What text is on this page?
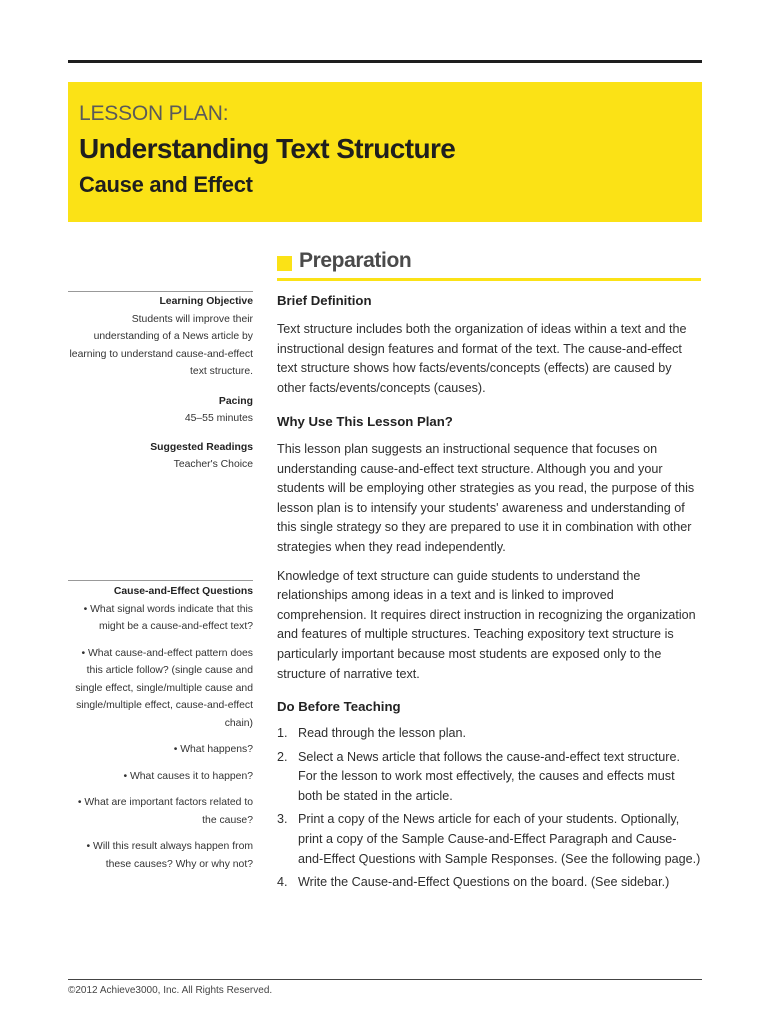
LESSON PLAN:
Understanding Text Structure
Cause and Effect
Preparation

Learning Objective

Students will improve their understanding of a News article by learning to understand cause-and-effect text structure.

Pacing

45–55 minutes

Suggested Readings

Teacher's Choice

Cause-and-Effect Questions

• What signal words indicate that this might be a cause-and-effect text?

• What cause-and-effect pattern does this article follow? (single cause and single effect, single/multiple cause and single/multiple effect, cause-and-effect chain)

• What happens?

• What causes it to happen?

• What are important factors related to the cause?

• Will this result always happen from these causes? Why or why not?

Brief Definition

Text structure includes both the organization of ideas within a text and the instructional design features and format of the text. The cause-and-effect text structure shows how facts/events/concepts (effects) are caused by other facts/events/concepts (causes).

Why Use This Lesson Plan?

This lesson plan suggests an instructional sequence that focuses on understanding cause-and-effect text structure. Although you and your students will be employing other strategies as you read, the purpose of this lesson plan is to intensify your students' awareness and understanding of this single strategy so they are prepared to use it in combination with other strategies when they read independently.

Knowledge of text structure can guide students to understand the relationships among ideas in a text and is linked to improved comprehension. It requires direct instruction in recognizing the organization and features of multiple structures. Teaching expository text structure is particularly important because most students are exposed only to the structure of narrative text.

Do Before Teaching
1. Read through the lesson plan.
2. Select a News article that follows the cause-and-effect text structure. For the lesson to work most effectively, the causes and effects must both be stated in the article.
3. Print a copy of the News article for each of your students. Optionally, print a copy of the Sample Cause-and-Effect Paragraph and Cause-and-Effect Questions with Sample Responses. (See the following page.)
4. Write the Cause-and-Effect Questions on the board. (See sidebar.)
©2012 Achieve3000, Inc. All Rights Reserved.
